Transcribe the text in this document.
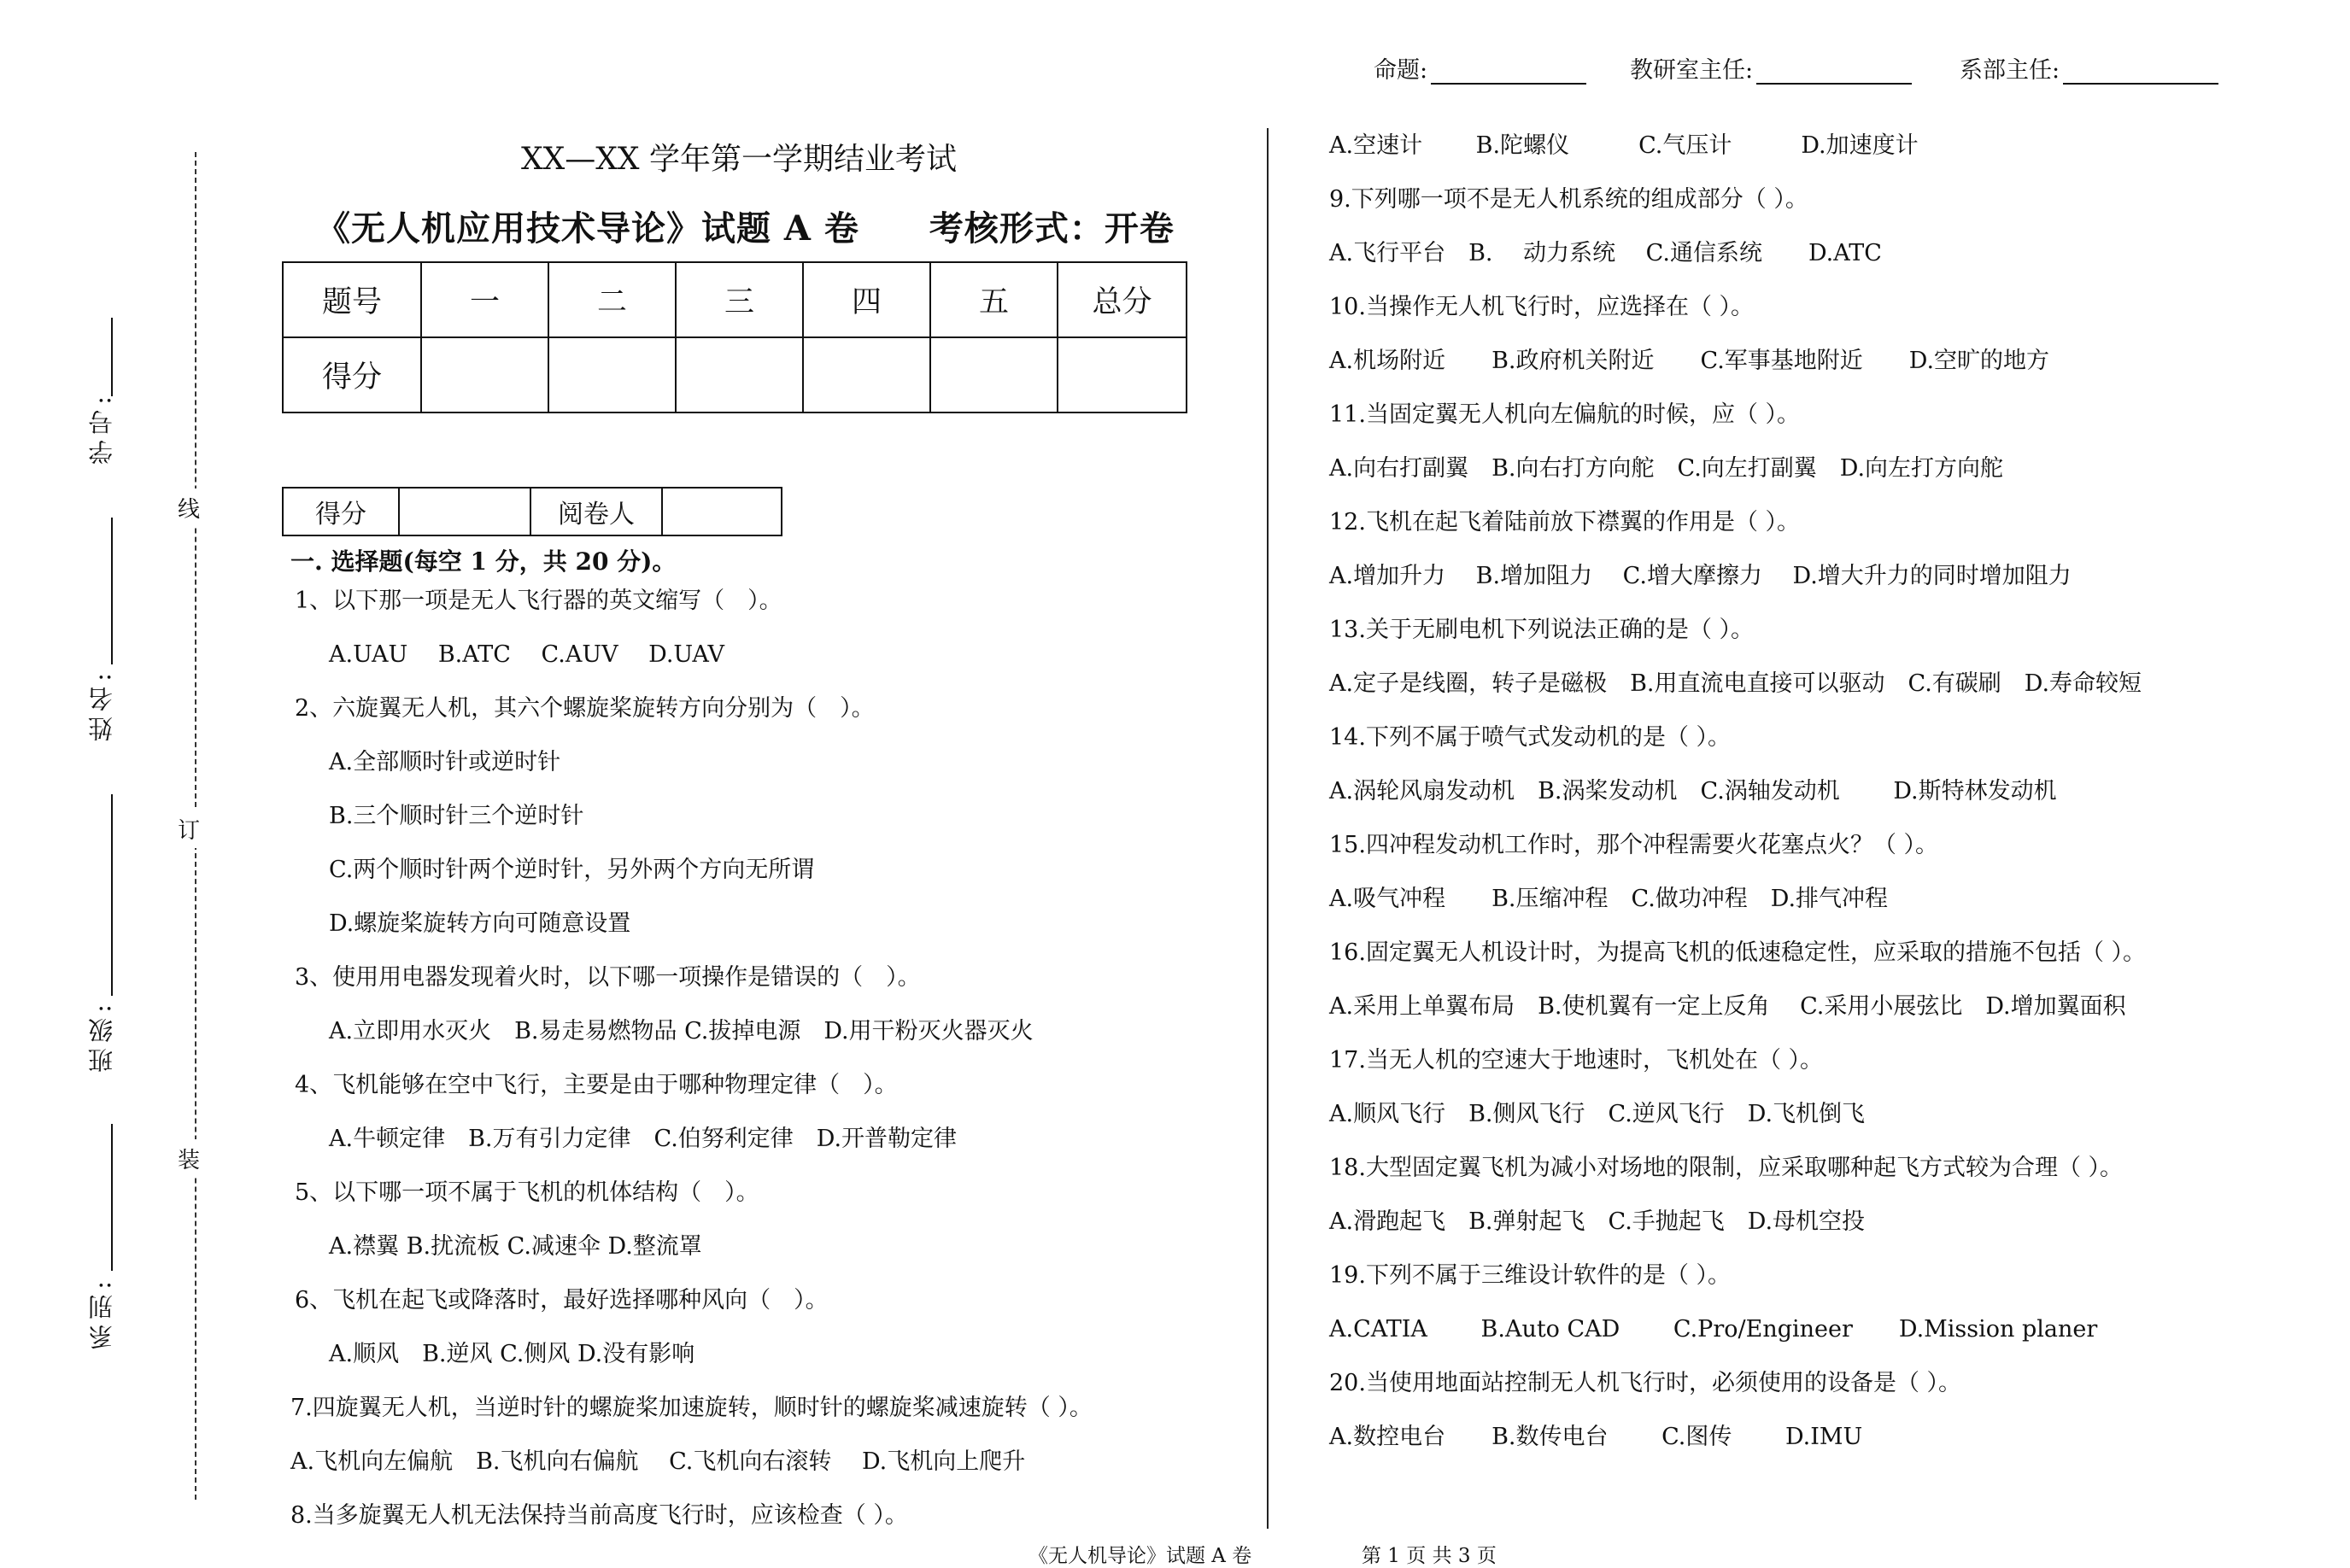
命题:	教研室主任:	系部主任:
线
订
装
学号:
姓名:
班级:
系别:
XX—XX 学年第一学期结业考试
《无人机应用技术导论》试题 A 卷　　考核形式：开卷
题号	一	二	三	四	五	总分
得分						
得分		阅卷人	
一. 选择题(每空 1 分，共 20 分)。
1、以下那一项是无人飞行器的英文缩写（　）。
A.UAU　 B.ATC　 C.AUV　 D.UAV
2、六旋翼无人机，其六个螺旋桨旋转方向分别为（　）。
A.全部顺时针或逆时针
B.三个顺时针三个逆时针
C.两个顺时针两个逆时针，另外两个方向无所谓
D.螺旋桨旋转方向可随意设置
3、使用用电器发现着火时，以下哪一项操作是错误的（　）。
A.立即用水灭火　B.易走易燃物品 C.拔掉电源　D.用干粉灭火器灭火
4、飞机能够在空中飞行，主要是由于哪种物理定律（　）。
A.牛顿定律　B.万有引力定律　C.伯努利定律　D.开普勒定律
5、以下哪一项不属于飞机的机体结构（　）。
A.襟翼 B.扰流板 C.减速伞 D.整流罩
6、飞机在起飞或降落时，最好选择哪种风向（　）。
A.顺风　B.逆风 C.侧风 D.没有影响
7.四旋翼无人机，当逆时针的螺旋桨加速旋转，顺时针的螺旋桨减速旋转（ ）。
A.飞机向左偏航　B.飞机向右偏航　 C.飞机向右滚转　 D.飞机向上爬升
8.当多旋翼无人机无法保持当前高度飞行时，应该检查（ ）。
A.空速计　　 B.陀螺仪　　　C.气压计　　　D.加速度计
9.下列哪一项不是无人机系统的组成部分（ ）。
A.飞行平台　B.　 动力系统　 C.通信系统　　D.ATC
10.当操作无人机飞行时，应选择在（ ）。
A.机场附近　　B.政府机关附近　　C.军事基地附近　　D.空旷的地方
11.当固定翼无人机向左偏航的时候，应（ ）。
A.向右打副翼　B.向右打方向舵　C.向左打副翼　D.向左打方向舵
12.飞机在起飞着陆前放下襟翼的作用是（ ）。
A.增加升力　 B.增加阻力　 C.增大摩擦力　 D.增大升力的同时增加阻力
13.关于无刷电机下列说法正确的是（ ）。
A.定子是线圈，转子是磁极　B.用直流电直接可以驱动　C.有碳刷　D.寿命较短
14.下列不属于喷气式发动机的是（ ）。
A.涡轮风扇发动机　B.涡桨发动机　C.涡轴发动机　　 D.斯特林发动机
15.四冲程发动机工作时，那个冲程需要火花塞点火？（ ）。
A.吸气冲程　　B.压缩冲程　C.做功冲程　D.排气冲程
16.固定翼无人机设计时，为提高飞机的低速稳定性，应采取的措施不包括（ ）。
A.采用上单翼布局　B.使机翼有一定上反角　 C.采用小展弦比　D.增加翼面积
17.当无人机的空速大于地速时，飞机处在（ ）。
A.顺风飞行　B.侧风飞行　C.逆风飞行　D.飞机倒飞
18.大型固定翼飞机为减小对场地的限制，应采取哪种起飞方式较为合理（ ）。
A.滑跑起飞　B.弹射起飞　C.手抛起飞　D.母机空投
19.下列不属于三维设计软件的是（ ）。
A.CATIA　　 B.Auto CAD　　 C.Pro/Engineer　　D.Mission planer
20.当使用地面站控制无人机飞行时，必须使用的设备是（ ）。
A.数控电台　　B.数传电台　　 C.图传　　 D.IMU
《无人机导论》试题 A 卷	第 1 页 共 3 页
